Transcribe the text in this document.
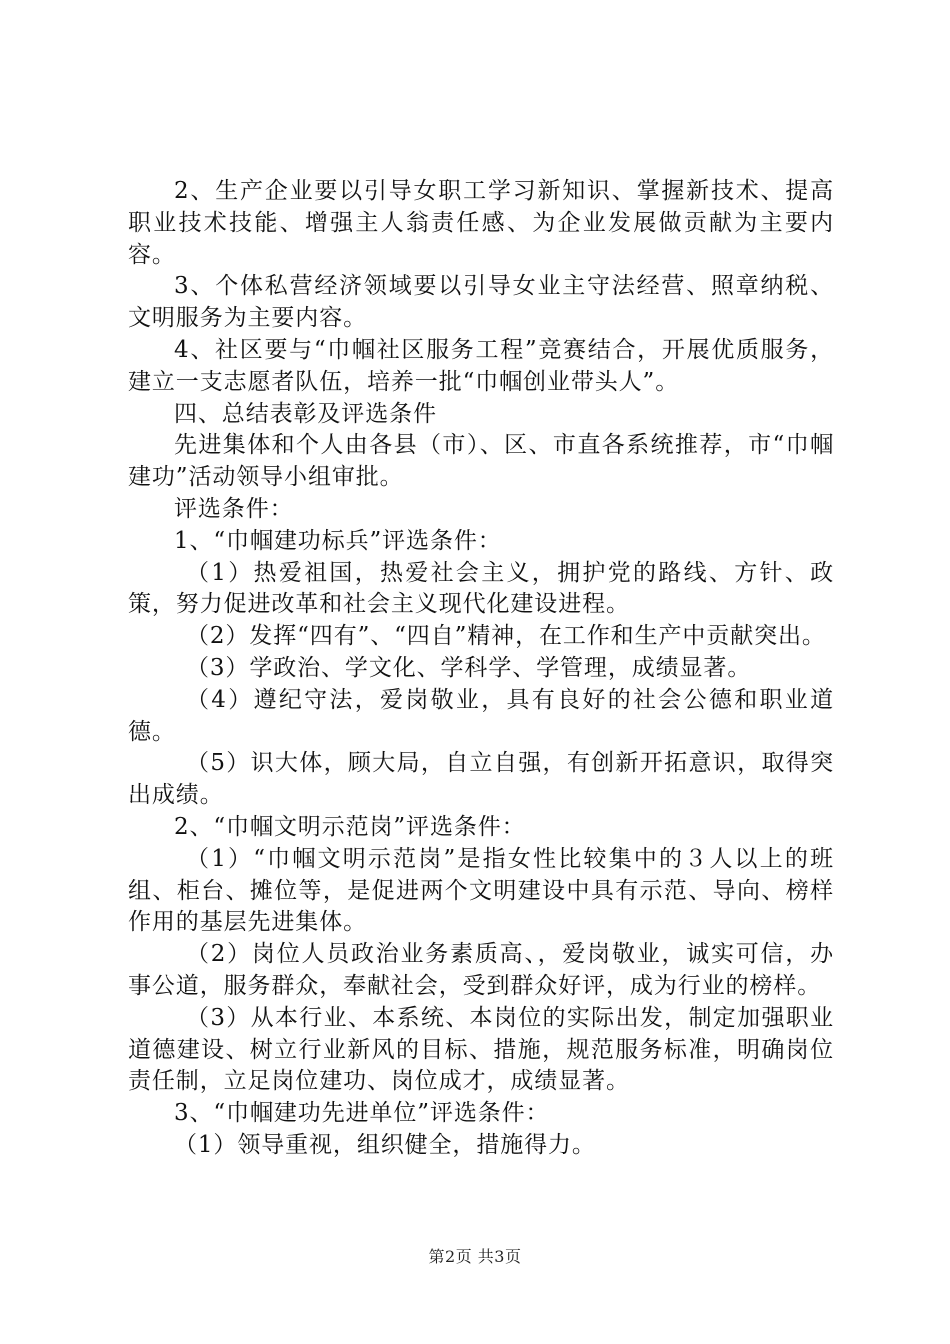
2、生产企业要以引导女职工学习新知识、掌握新技术、提高职业技术技能、增强主人翁责任感、为企业发展做贡献为主要内容。

3、个体私营经济领域要以引导女业主守法经营、照章纳税、文明服务为主要内容。

4、社区要与“巾帼社区服务工程”竞赛结合，开展优质服务，建立一支志愿者队伍，培养一批“巾帼创业带头人”。

四、总结表彰及评选条件

先进集体和个人由各县（市）、区、市直各系统推荐，市“巾帼建功”活动领导小组审批。

评选条件：

1、“巾帼建功标兵”评选条件：

（1）热爱祖国，热爱社会主义，拥护党的路线、方针、政策，努力促进改革和社会主义现代化建设进程。

（2）发挥“四有”、“四自”精神，在工作和生产中贡献突出。

（3）学政治、学文化、学科学、学管理，成绩显著。

（4）遵纪守法，爱岗敬业，具有良好的社会公德和职业道德。

（5）识大体，顾大局，自立自强，有创新开拓意识，取得突出成绩。

2、“巾帼文明示范岗”评选条件：

（1）“巾帼文明示范岗”是指女性比较集中的３人以上的班组、柜台、摊位等，是促进两个文明建设中具有示范、导向、榜样作用的基层先进集体。

（2）岗位人员政治业务素质高、，爱岗敬业，诚实可信，办事公道，服务群众，奉献社会，受到群众好评，成为行业的榜样。

（3）从本行业、本系统、本岗位的实际出发，制定加强职业道德建设、树立行业新风的目标、措施，规范服务标准，明确岗位责任制，立足岗位建功、岗位成才，成绩显著。

3、“巾帼建功先进单位”评选条件：

（1）领导重视，组织健全，措施得力。

第2页 共3页
